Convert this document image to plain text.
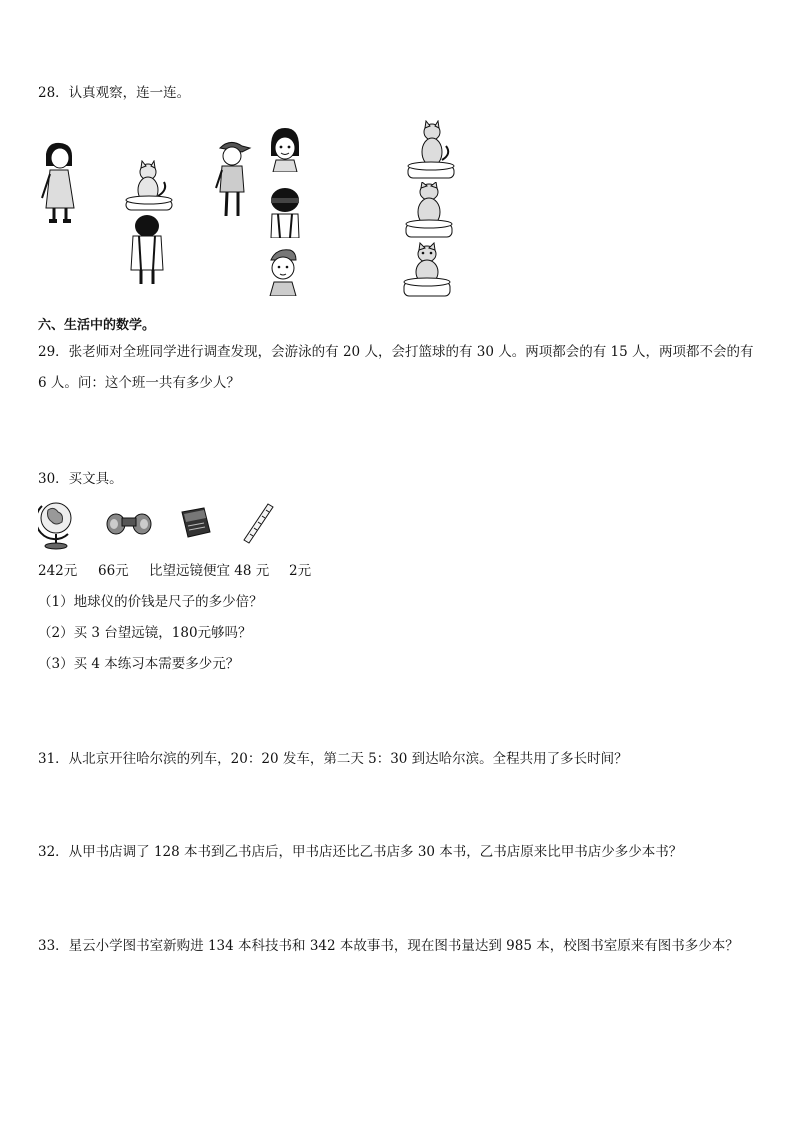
28．认真观察，连一连。
六、生活中的数学。
29．张老师对全班同学进行调查发现，会游泳的有 20 人，会打篮球的有 30 人。两项都会的有 15 人，两项都不会的有
6 人。问：这个班一共有多少人？
30．买文具。
242元 66元 比望远镜便宜 48 元 2元
（1）地球仪的价钱是尺子的多少倍？
（2）买 3 台望远镜，180元够吗？
（3）买 4 本练习本需要多少元？
31．从北京开往哈尔滨的列车，20：20 发车，第二天 5：30 到达哈尔滨。全程共用了多长时间？
32．从甲书店调了 128 本书到乙书店后，甲书店还比乙书店多 30 本书，乙书店原来比甲书店少多少本书？
33．星云小学图书室新购进 134 本科技书和 342 本故事书，现在图书量达到 985 本，校图书室原来有图书多少本？
